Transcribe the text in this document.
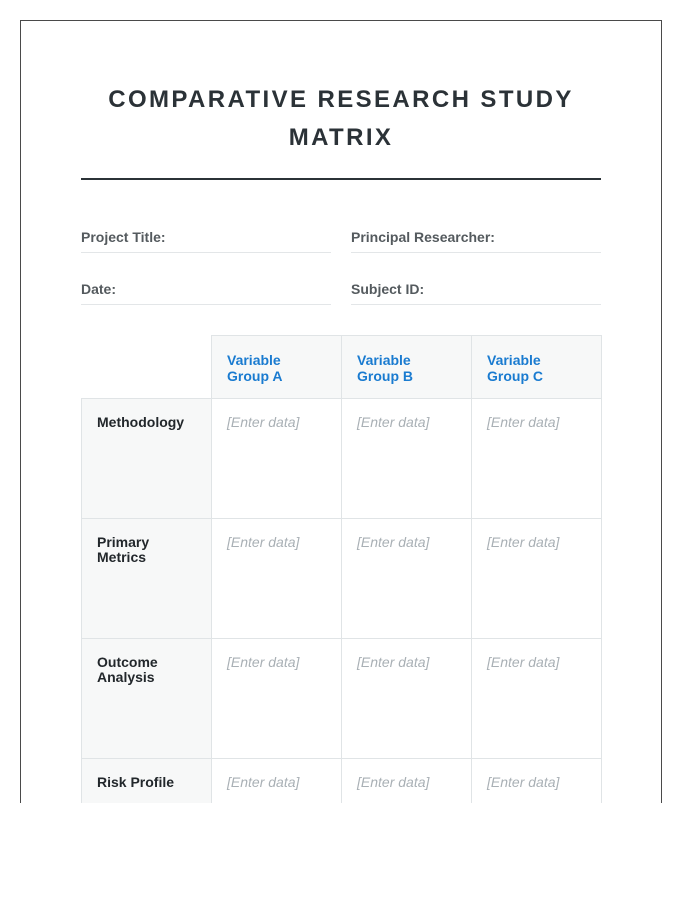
COMPARATIVE RESEARCH STUDY MATRIX
Project Title:	Principal Researcher:
Date:	Subject ID:
	Variable Group A	Variable Group B	Variable Group C
Methodology	[Enter data]	[Enter data]	[Enter data]
Primary Metrics	[Enter data]	[Enter data]	[Enter data]
Outcome Analysis	[Enter data]	[Enter data]	[Enter data]
Risk Profile	[Enter data]	[Enter data]	[Enter data]
